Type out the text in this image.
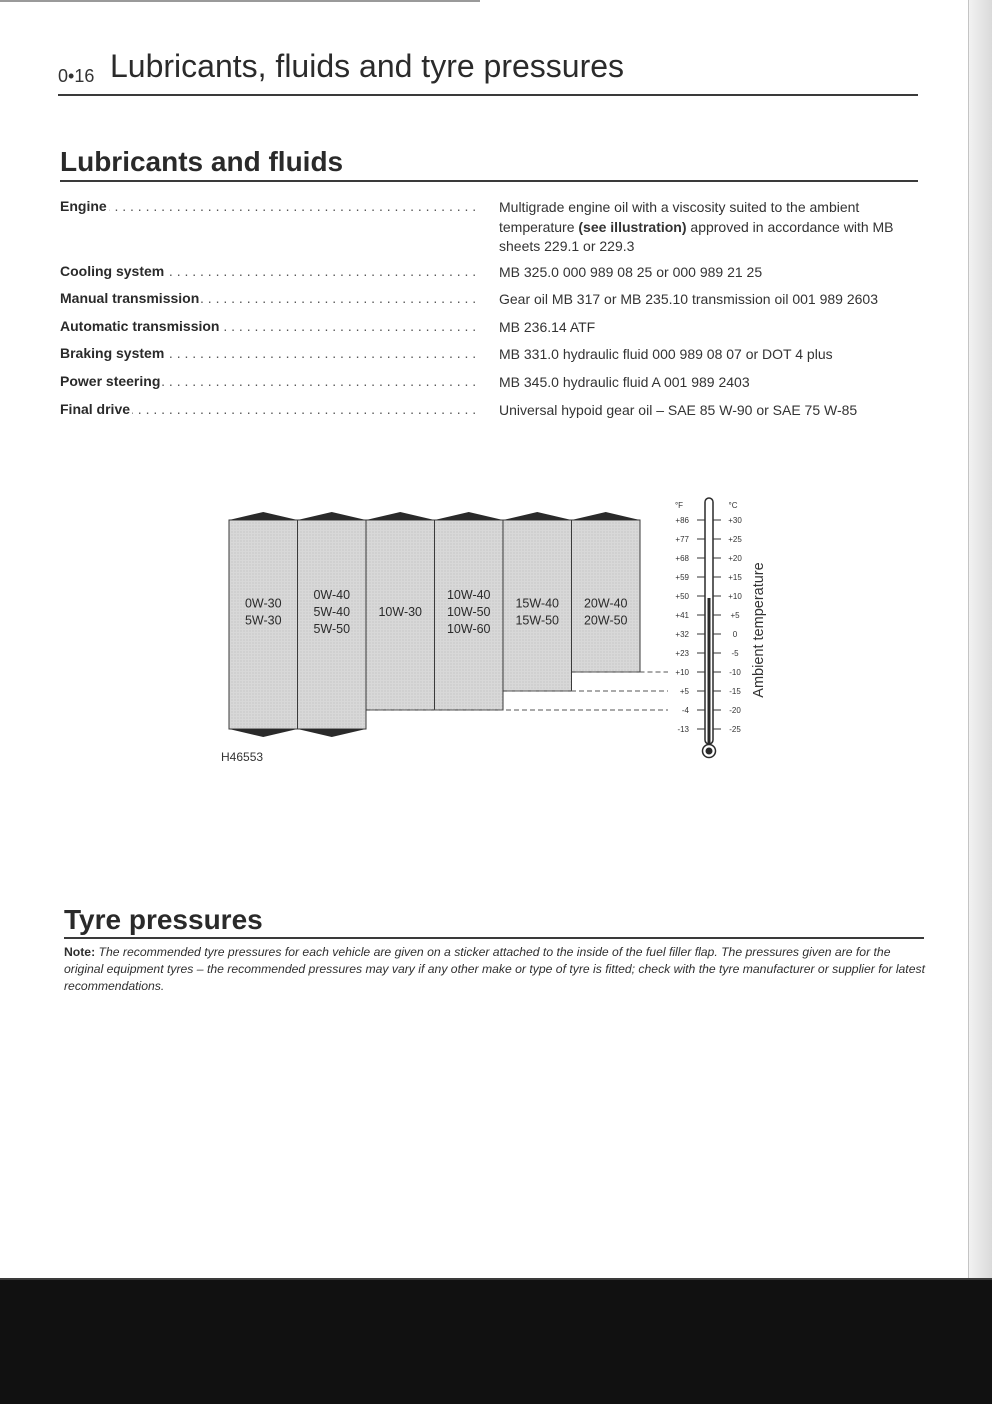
0•16 Lubricants, fluids and tyre pressures
Lubricants and fluids
Engine . . .	Multigrade engine oil with a viscosity suited to the ambient temperature (see illustration) approved in accordance with MB sheets 229.1 or 229.3
Cooling system . . .	MB 325.0 000 989 08 25 or 000 989 21 25
Manual transmission . . .	Gear oil MB 317 or MB 235.10 transmission oil 001 989 2603
Automatic transmission . . .	MB 236.14 ATF
Braking system . . .	MB 331.0 hydraulic fluid 000 989 08 07 or DOT 4 plus
Power steering . . .	MB 345.0 hydraulic fluid A 001 989 2403
Final drive . . .	Universal hypoid gear oil – SAE 85 W-90 or SAE 75 W-85
0W-30
5W-30
0W-40
5W-40
5W-50
10W-30
10W-40
10W-50
10W-60
15W-40
15W-50
20W-40
20W-50
°F	°C
+86	+30
+77	+25
+68	+20
+59	+15
+50	+10
+41	+5
+32	0
+23	-5
+10	-10
+5	-15
-4	-20
-13	-25
Ambient temperature
H46553
Tyre pressures
Note: The recommended tyre pressures for each vehicle are given on a sticker attached to the inside of the fuel filler flap. The pressures given are for the original equipment tyres – the recommended pressures may vary if any other make or type of tyre is fitted; check with the tyre manufacturer or supplier for latest recommendations.
